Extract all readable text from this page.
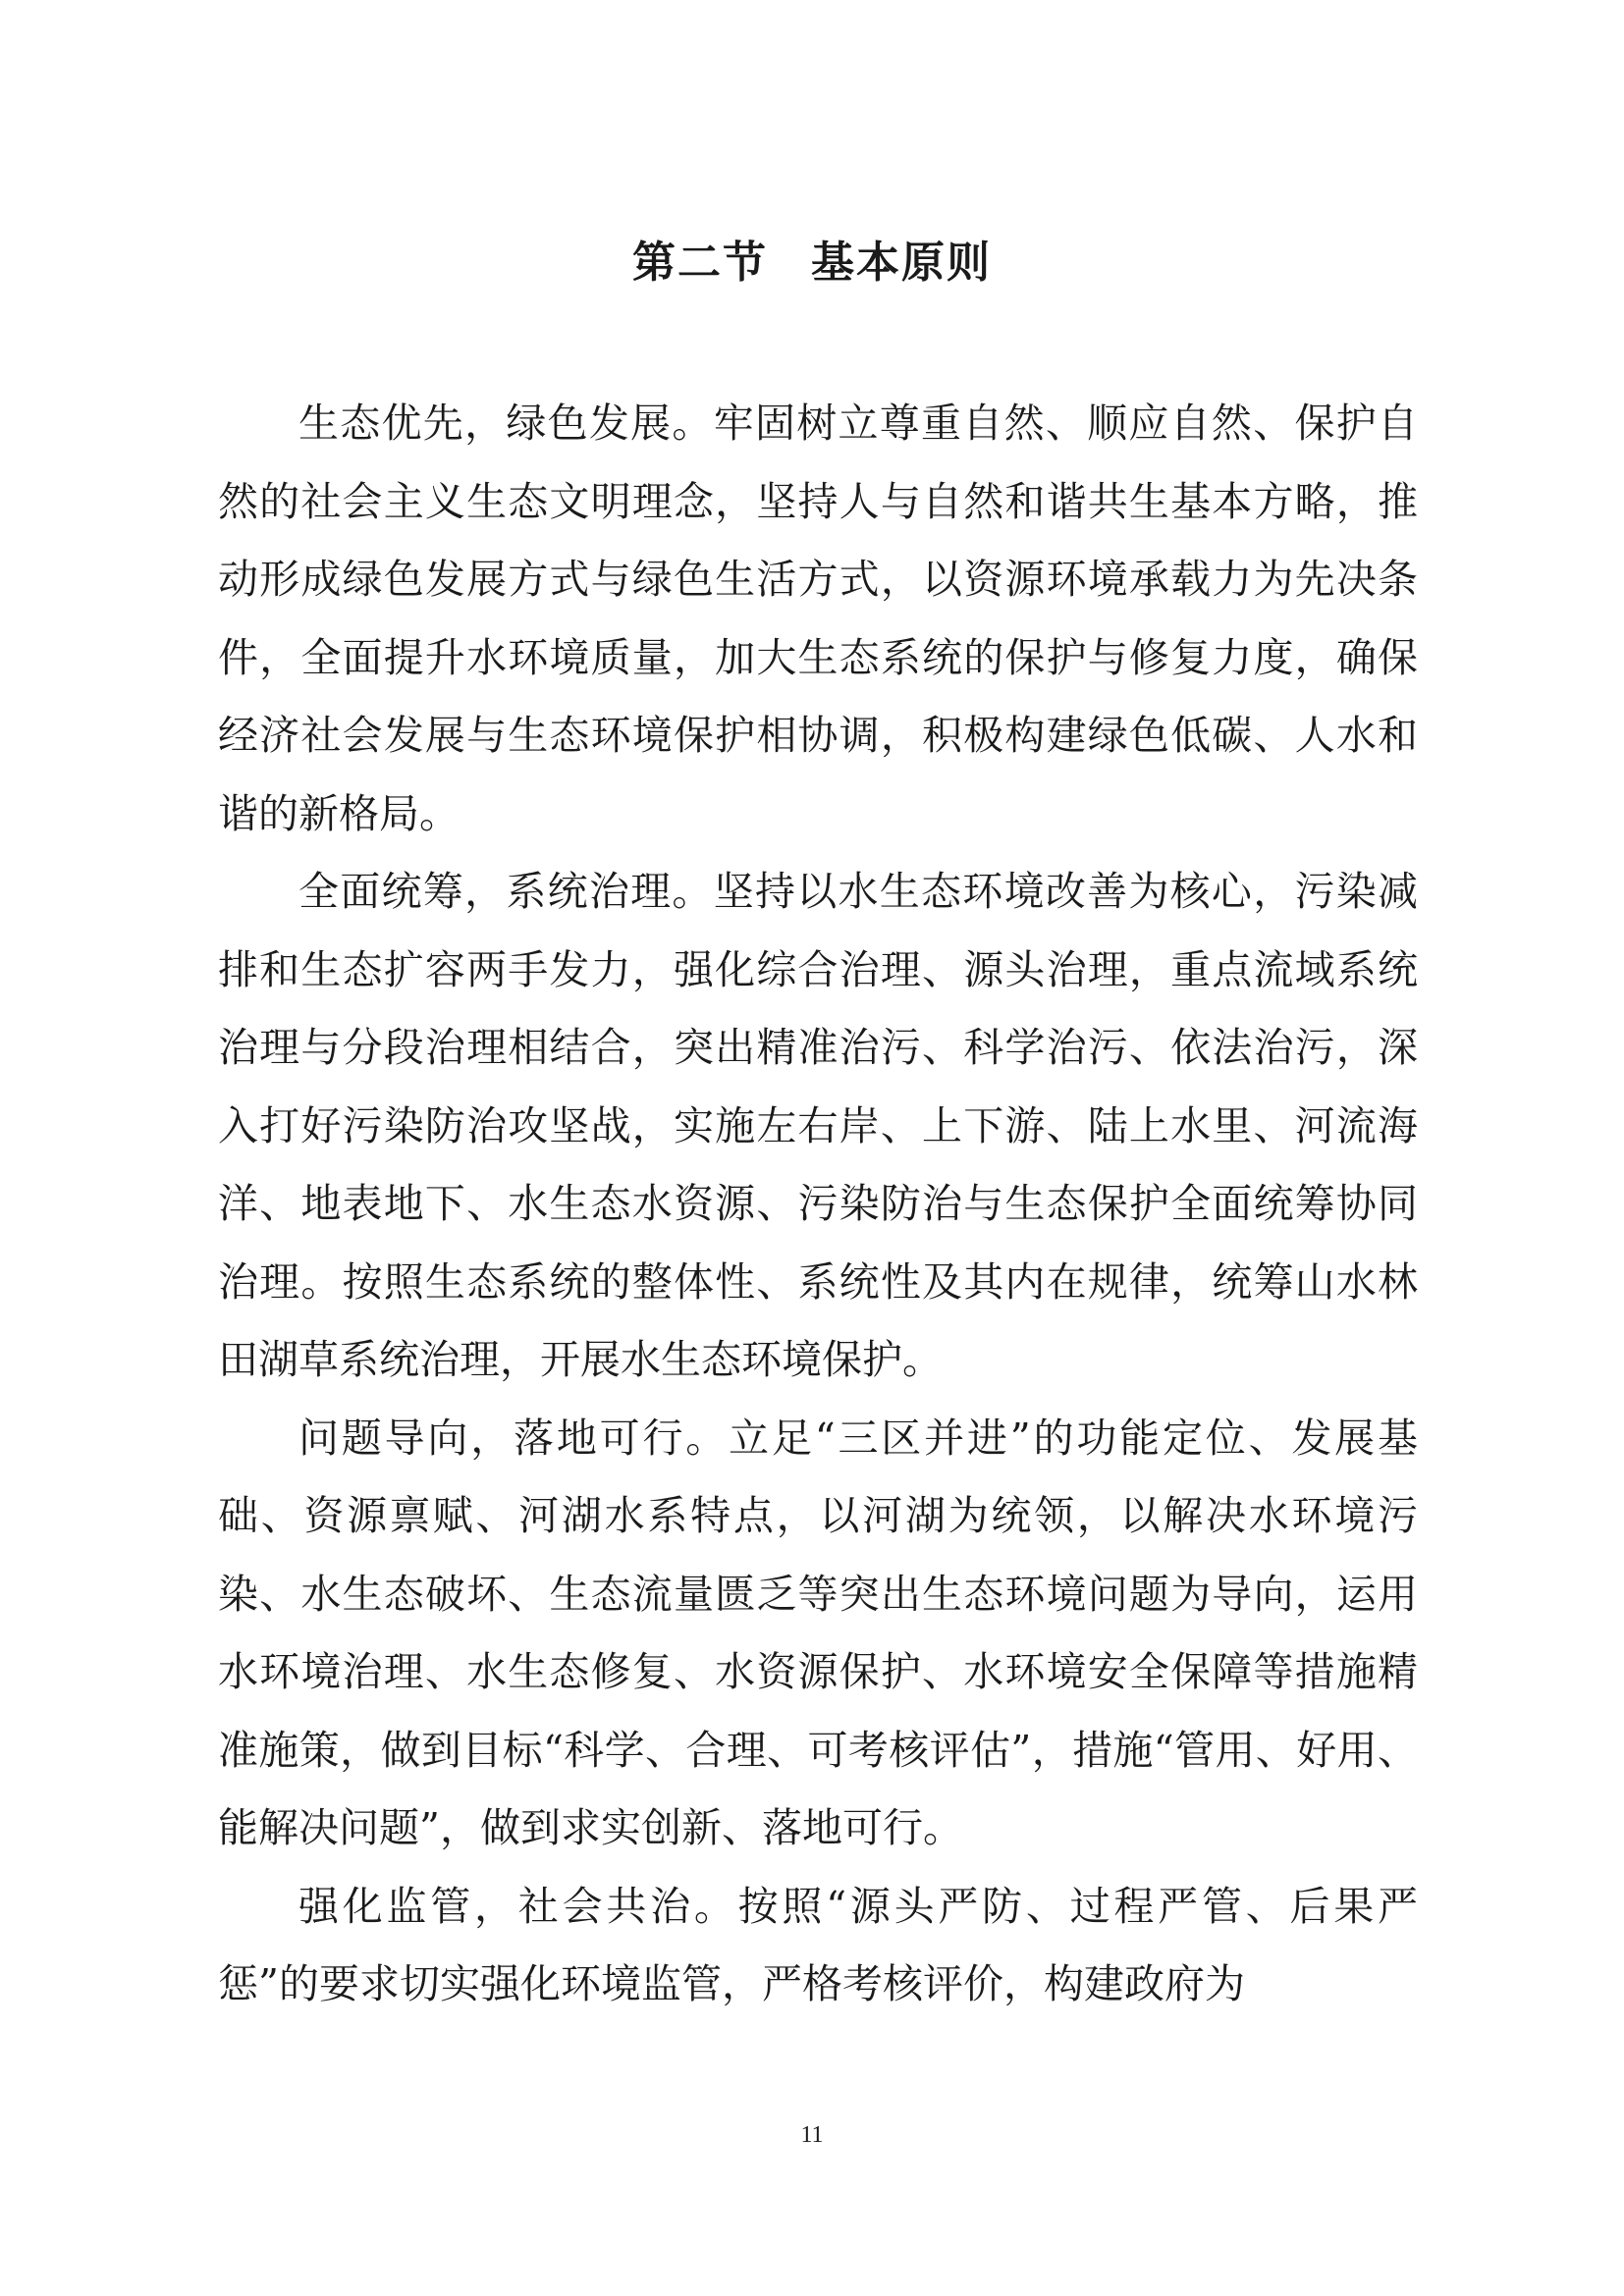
第二节 基本原则

生态优先，绿色发展。牢固树立尊重自然、顺应自然、保护自然的社会主义生态文明理念，坚持人与自然和谐共生基本方略，推动形成绿色发展方式与绿色生活方式，以资源环境承载力为先决条件，全面提升水环境质量，加大生态系统的保护与修复力度，确保经济社会发展与生态环境保护相协调，积极构建绿色低碳、人水和谐的新格局。

全面统筹，系统治理。坚持以水生态环境改善为核心，污染减排和生态扩容两手发力，强化综合治理、源头治理，重点流域系统治理与分段治理相结合，突出精准治污、科学治污、依法治污，深入打好污染防治攻坚战，实施左右岸、上下游、陆上水里、河流海洋、地表地下、水生态水资源、污染防治与生态保护全面统筹协同治理。按照生态系统的整体性、系统性及其内在规律，统筹山水林田湖草系统治理，开展水生态环境保护。

问题导向，落地可行。立足“三区并进”的功能定位、发展基础、资源禀赋、河湖水系特点，以河湖为统领，以解决水环境污染、水生态破坏、生态流量匮乏等突出生态环境问题为导向，运用水环境治理、水生态修复、水资源保护、水环境安全保障等措施精准施策，做到目标“科学、合理、可考核评估”，措施“管用、好用、能解决问题”，做到求实创新、落地可行。

强化监管，社会共治。按照“源头严防、过程严管、后果严惩”的要求切实强化环境监管，严格考核评价，构建政府为

11
